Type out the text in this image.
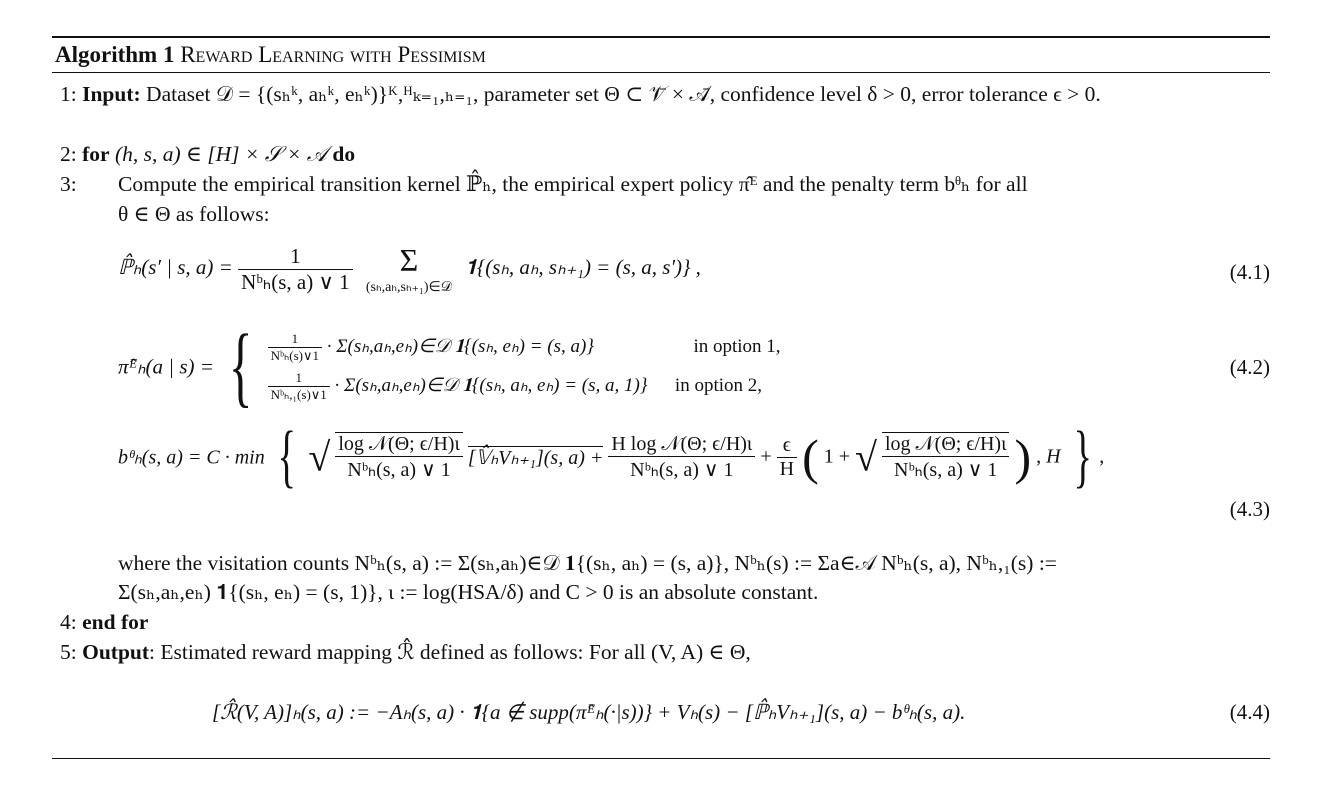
Algorithm 1 Reward Learning with Pessimism
1: Input: Dataset 𝒟 = {(sₕᵏ, aₕᵏ, eₕᵏ)}ᴷ,ᴴₖ₌₁,ₕ₌₁, parameter set Θ ⊂ 𝒱̄ × 𝒜̄, confidence level δ > 0, error tolerance ϵ > 0.
2: for (h, s, a) ∈ [H] × 𝒮 × 𝒜 do
3: Compute the empirical transition kernel ℙ̂ₕ, the empirical expert policy π̂ᴱ and the penalty term bᶿₕ for all
θ ∈ Θ as follows:
ℙ̂ₕ(s′ | s, $a) = \frac{1}{\text{Nᵇₕ(s, a) ∨ 1}}$
	Σ
(sₕ,aₕ,sₕ₊₁)∈𝒟
𝟏{(sₕ, aₕ, sₕ₊₁) = (s, a, s′)} ,	(4.1)
π̂ᴱₕ(a | s) = { $\frac{1}{\text{Nᵇₕ(s)∨1}}$ · Σ(sₕ,aₕ,eₕ)∈𝒟 𝟏{(sₕ, eₕ) = (s, a)}	in option 1,
$\frac{1}{\text{Nᵇₕ,₁(s)∨1}}$ · Σ(sₕ,aₕ,eₕ)∈𝒟 𝟏{(sₕ, aₕ, eₕ) = (s, a, 1)} in option 2,
(4.2)
bᶿₕ(s, a) = C · min { √ $\frac{\text{log 𝒩(Θ; ϵ/H)ι}}{\text{Nᵇₕ(s, a) ∨ 1}}$ [𝕍̂ₕVₕ₊₁](s, $a) + \frac{\text{H log 𝒩(Θ; ϵ/H)ι}}{\text{Nᵇₕ(s, a) ∨ 1}} + \frac{\epsilon}{H}$ ( 1 + √ $\frac{\text{log 𝒩(Θ; ϵ/H)ι}}{\text{Nᵇₕ(s, a) ∨ 1}}$ ) , H } ,
(4.3)
where the visitation counts Nᵇₕ(s, a) := Σ(sₕ,aₕ)∈𝒟 𝟏{(sₕ, aₕ) = (s, a)}, Nᵇₕ(s) := Σa∈𝒜 Nᵇₕ(s, a), Nᵇₕ,₁(s) :=
Σ(sₕ,aₕ,eₕ) 𝟏{(sₕ, eₕ) = (s, 1)}, ι := log(HSA/δ) and C > 0 is an absolute constant.
4: end for
5: Output: Estimated reward mapping ℛ̂ defined as follows: For all (V, A) ∈ Θ,
[ℛ̂(V, A)]ₕ(s, a) := −Aₕ(s, a) · 𝟏{a ∉ supp(π̂ᴱₕ(·|s))} + Vₕ(s) − [ℙ̂ₕVₕ₊₁](s, a) − bᶿₕ(s, a).	(4.4)
